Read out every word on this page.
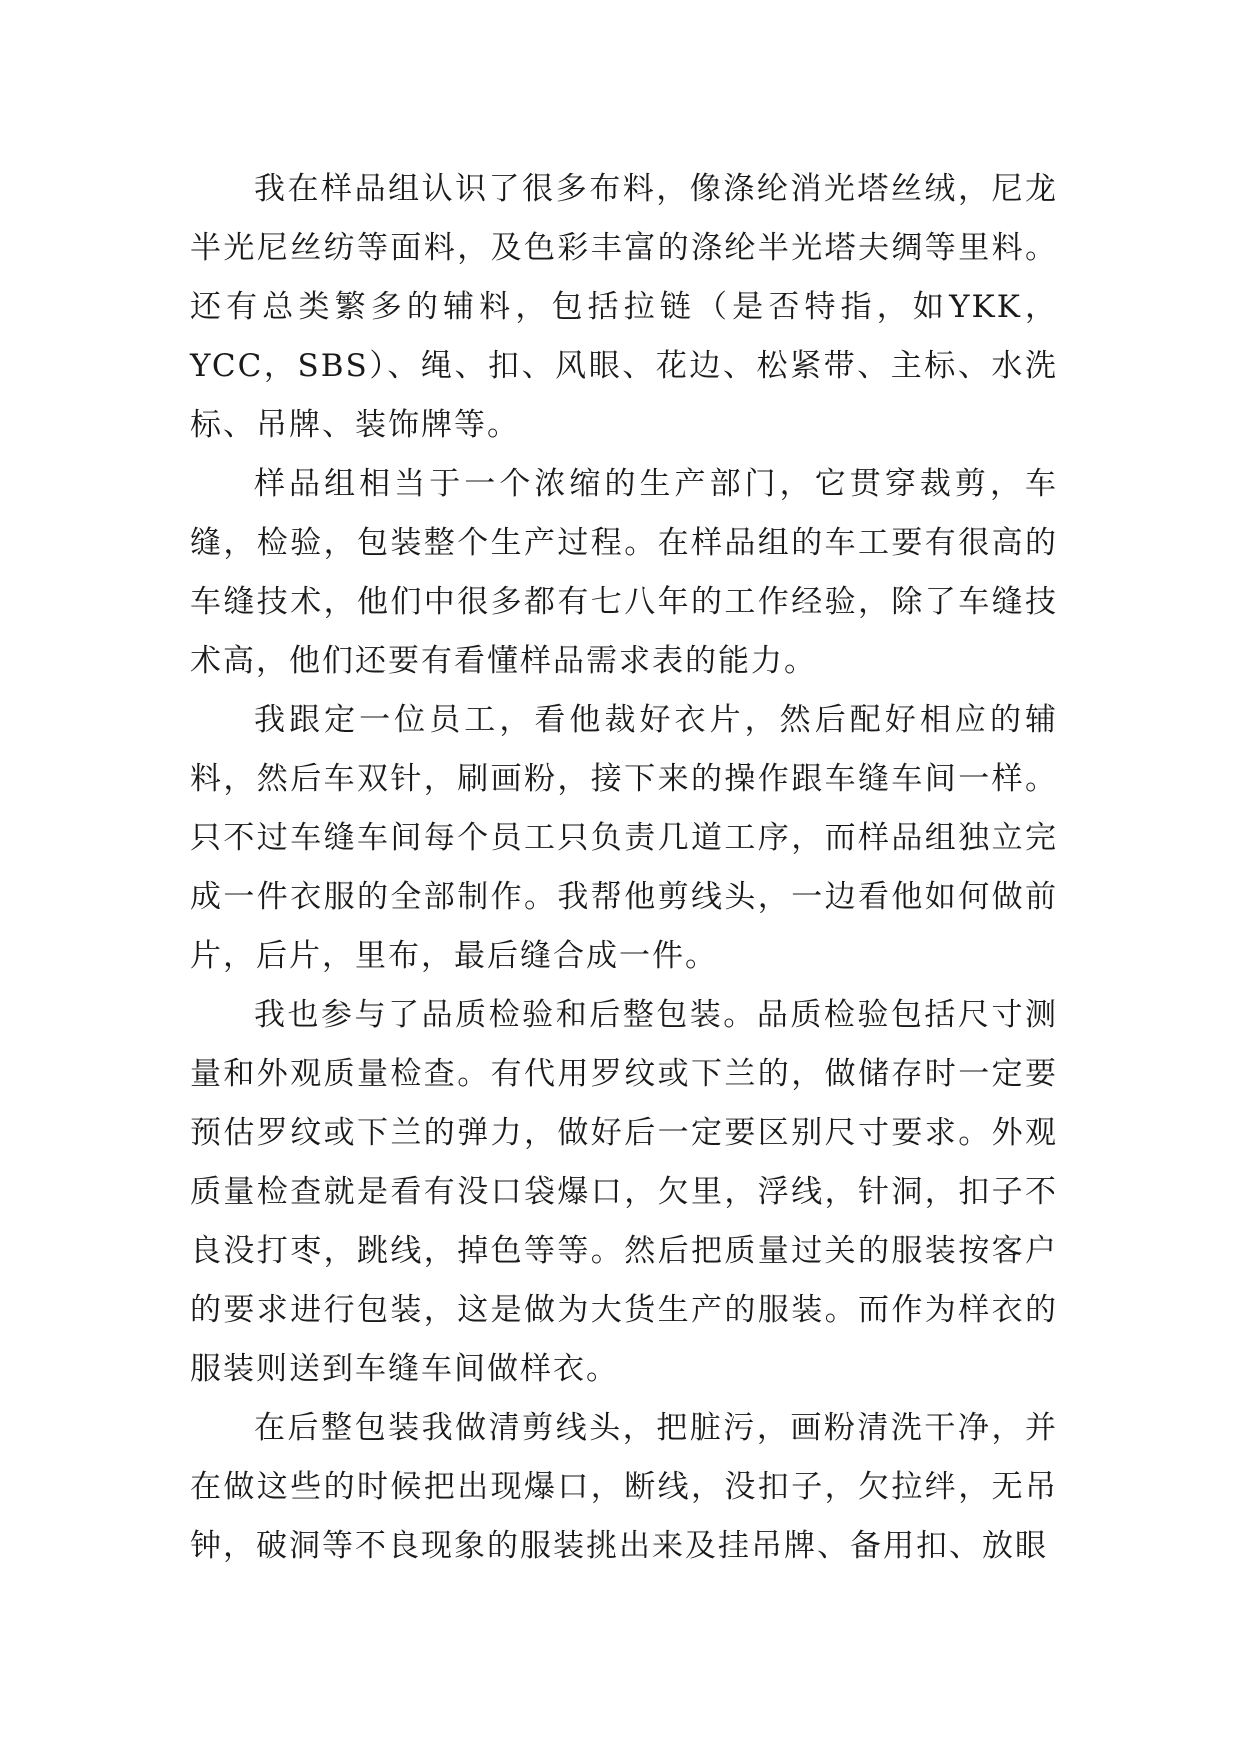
我在样品组认识了很多布料，像涤纶消光塔丝绒，尼龙半光尼丝纺等面料，及色彩丰富的涤纶半光塔夫绸等里料。还有总类繁多的辅料，包括拉链（是否特指，如YKK，YCC，SBS）、绳、扣、风眼、花边、松紧带、主标、水洗标、吊牌、装饰牌等。

样品组相当于一个浓缩的生产部门，它贯穿裁剪，车缝，检验，包装整个生产过程。在样品组的车工要有很高的车缝技术，他们中很多都有七八年的工作经验，除了车缝技术高，他们还要有看懂样品需求表的能力。

我跟定一位员工，看他裁好衣片，然后配好相应的辅料，然后车双针，刷画粉，接下来的操作跟车缝车间一样。只不过车缝车间每个员工只负责几道工序，而样品组独立完成一件衣服的全部制作。我帮他剪线头，一边看他如何做前片，后片，里布，最后缝合成一件。

我也参与了品质检验和后整包装。品质检验包括尺寸测量和外观质量检查。有代用罗纹或下兰的，做储存时一定要预估罗纹或下兰的弹力，做好后一定要区别尺寸要求。外观质量检查就是看有没口袋爆口，欠里，浮线，针洞，扣子不良没打枣，跳线，掉色等等。然后把质量过关的服装按客户的要求进行包装，这是做为大货生产的服装。而作为样衣的服装则送到车缝车间做样衣。

在后整包装我做清剪线头，把脏污，画粉清洗干净，并在做这些的时候把出现爆口，断线，没扣子，欠拉绊，无吊钟，破洞等不良现象的服装挑出来及挂吊牌、备用扣、放眼
